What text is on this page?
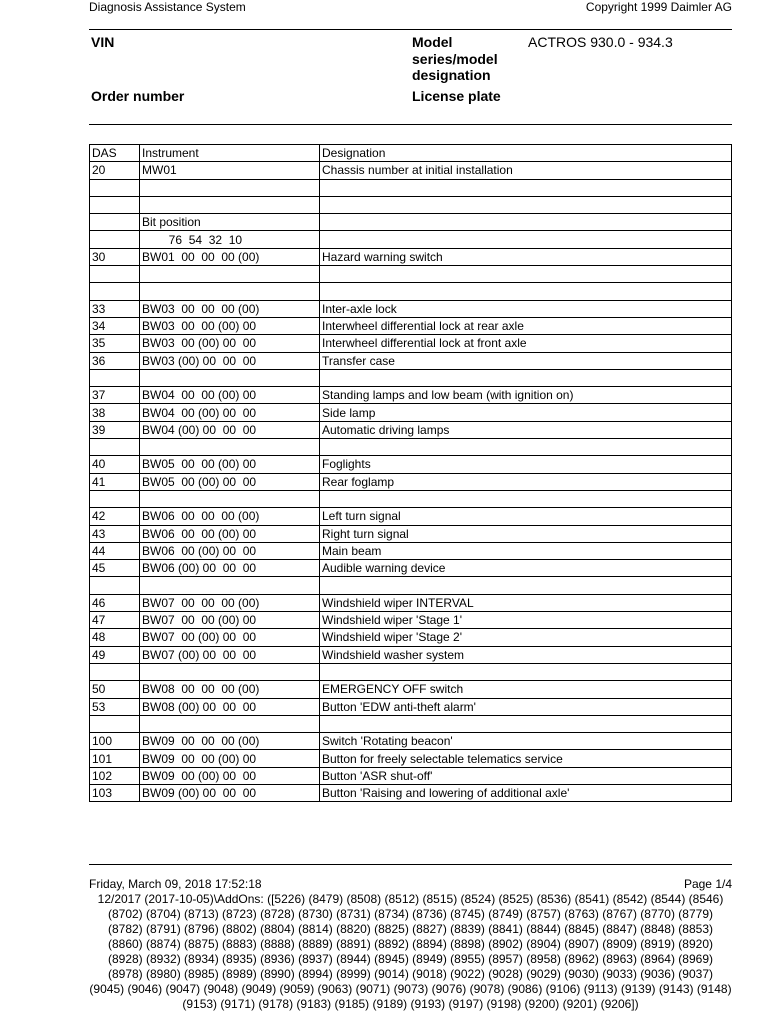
Diagnosis Assistance System	Copyright 1999 Daimler AG
VIN	Model
series/model
designation
ACTROS 930.0 - 934.3
Order number	License plate
DAS	Instrument	Designation
20	MW01	Chassis number at initial installation

	Bit position	
	76  54  32  10	
30	BW01  00  00  00 (00)	Hazard warning switch

33	BW03  00  00  00 (00)	Inter-axle lock
34	BW03  00  00 (00) 00	Interwheel differential lock at rear axle
35	BW03  00 (00) 00  00	Interwheel differential lock at front axle
36	BW03 (00) 00  00  00	Transfer case

37	BW04  00  00 (00) 00	Standing lamps and low beam (with ignition on)
38	BW04  00 (00) 00  00	Side lamp
39	BW04 (00) 00  00  00	Automatic driving lamps

40	BW05  00  00 (00) 00	Foglights
41	BW05  00 (00) 00  00	Rear foglamp

42	BW06  00  00  00 (00)	Left turn signal
43	BW06  00  00 (00) 00	Right turn signal
44	BW06  00 (00) 00  00	Main beam
45	BW06 (00) 00  00  00	Audible warning device

46	BW07  00  00  00 (00)	Windshield wiper INTERVAL
47	BW07  00  00 (00) 00	Windshield wiper 'Stage 1'
48	BW07  00 (00) 00  00	Windshield wiper 'Stage 2'
49	BW07 (00) 00  00  00	Windshield washer system

50	BW08  00  00  00 (00)	EMERGENCY OFF switch
53	BW08 (00) 00  00  00	Button 'EDW anti-theft alarm'

100	BW09  00  00  00 (00)	Switch 'Rotating beacon'
101	BW09  00  00 (00) 00	Button for freely selectable telematics service
102	BW09  00 (00) 00  00	Button 'ASR shut-off'
103	BW09 (00) 00  00  00	Button 'Raising and lowering of additional axle'
Friday, March 09, 2018 17:52:18	Page 1/4
12/2017 (2017-10-05)\AddOns: ([5226) (8479) (8508) (8512) (8515) (8524) (8525) (8536) (8541) (8542) (8544) (8546) (8702) (8704) (8713) (8723) (8728) (8730) (8731) (8734) (8736) (8745) (8749) (8757) (8763) (8767) (8770) (8779) (8782) (8791) (8796) (8802) (8804) (8814) (8820) (8825) (8827) (8839) (8841) (8844) (8845) (8847) (8848) (8853) (8860) (8874) (8875) (8883) (8888) (8889) (8891) (8892) (8894) (8898) (8902) (8904) (8907) (8909) (8919) (8920) (8928) (8932) (8934) (8935) (8936) (8937) (8944) (8945) (8949) (8955) (8957) (8958) (8962) (8963) (8964) (8969) (8978) (8980) (8985) (8989) (8990) (8994) (8999) (9014) (9018) (9022) (9028) (9029) (9030) (9033) (9036) (9037) (9045) (9046) (9047) (9048) (9049) (9059) (9063) (9071) (9073) (9076) (9078) (9086) (9106) (9113) (9139) (9143) (9148) (9153) (9171) (9178) (9183) (9185) (9189) (9193) (9197) (9198) (9200) (9201) (9206])
